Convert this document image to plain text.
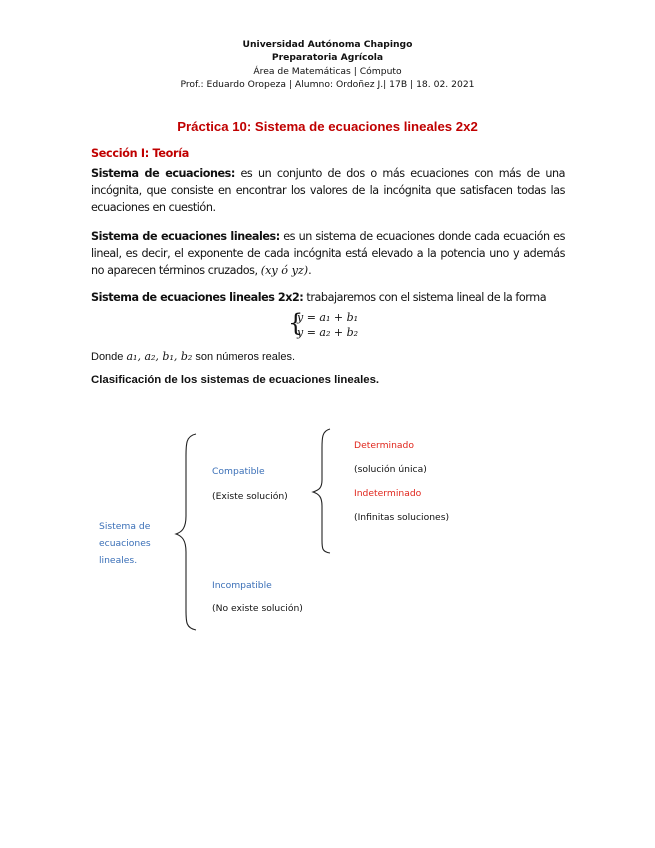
Universidad Autónoma Chapingo
Preparatoria Agrícola
Área de Matemáticas | Cómputo
Prof.: Eduardo Oropeza | Alumno: Ordoñez J.| 17B | 18. 02. 2021
Práctica 10: Sistema de ecuaciones lineales 2x2
Sección I: Teoría
Sistema de ecuaciones: es un conjunto de dos o más ecuaciones con más de una incógnita, que consiste en encontrar los valores de la incógnita que satisfacen todas las ecuaciones en cuestión.
Sistema de ecuaciones lineales: es un sistema de ecuaciones donde cada ecuación es lineal, es decir, el exponente de cada incógnita está elevado a la potencia uno y además no aparecen términos cruzados, (xy ó yz).
Sistema de ecuaciones lineales 2x2: trabajaremos con el sistema lineal de la forma
{
y = a₁ + b₁
y = a₂ + b₂
Donde a₁, a₂, b₁, b₂ son números reales.
Clasificación de los sistemas de ecuaciones lineales.
Sistema de
ecuaciones
lineales.
Compatible
(Existe solución)
Determinado
(solución única)
Indeterminado
(Infinitas soluciones)
Incompatible
(No existe solución)
